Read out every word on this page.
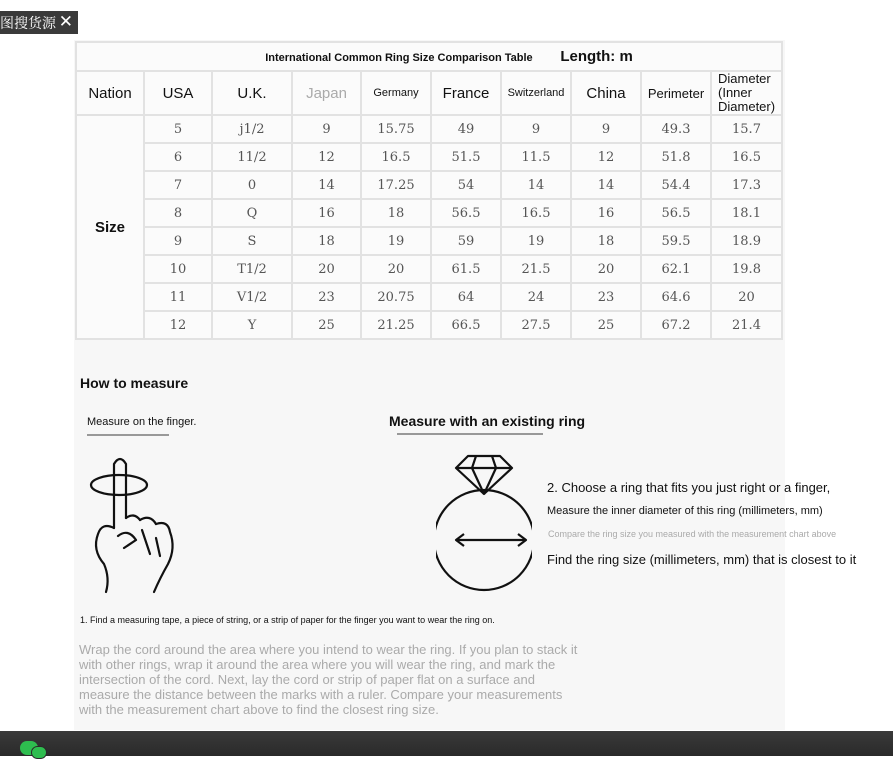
图搜货源 ✕
International Common Ring Size Comparison Table Length: m									
Nation	USA	U.K.	Japan	Germany	France	Switzerland	China	Perimeter	Diameter (Inner Diameter)
Size	5	j1/2	9	15.75	49	9	9	49.3	15.7
	6	11/2	12	16.5	51.5	11.5	12	51.8	16.5
	7	0	14	17.25	54	14	14	54.4	17.3
	8	Q	16	18	56.5	16.5	16	56.5	18.1
	9	S	18	19	59	19	18	59.5	18.9
	10	T1/2	20	20	61.5	21.5	20	62.1	19.8
	11	V1/2	23	20.75	64	24	23	64.6	20
	12	Y	25	21.25	66.5	27.5	25	67.2	21.4
How to measure
Measure on the finger.	Measure with an existing ring
2. Choose a ring that fits you just right or a finger,
Measure the inner diameter of this ring (millimeters, mm)
Compare the ring size you measured with the measurement chart above
Find the ring size (millimeters, mm) that is closest to it
1. Find a measuring tape, a piece of string, or a strip of paper for the finger you want to wear the ring on.
Wrap the cord around the area where you intend to wear the ring. If you plan to stack it with other rings, wrap it around the area where you will wear the ring, and mark the intersection of the cord. Next, lay the cord or strip of paper flat on a surface and measure the distance between the marks with a ruler. Compare your measurements with the measurement chart above to find the closest ring size.
